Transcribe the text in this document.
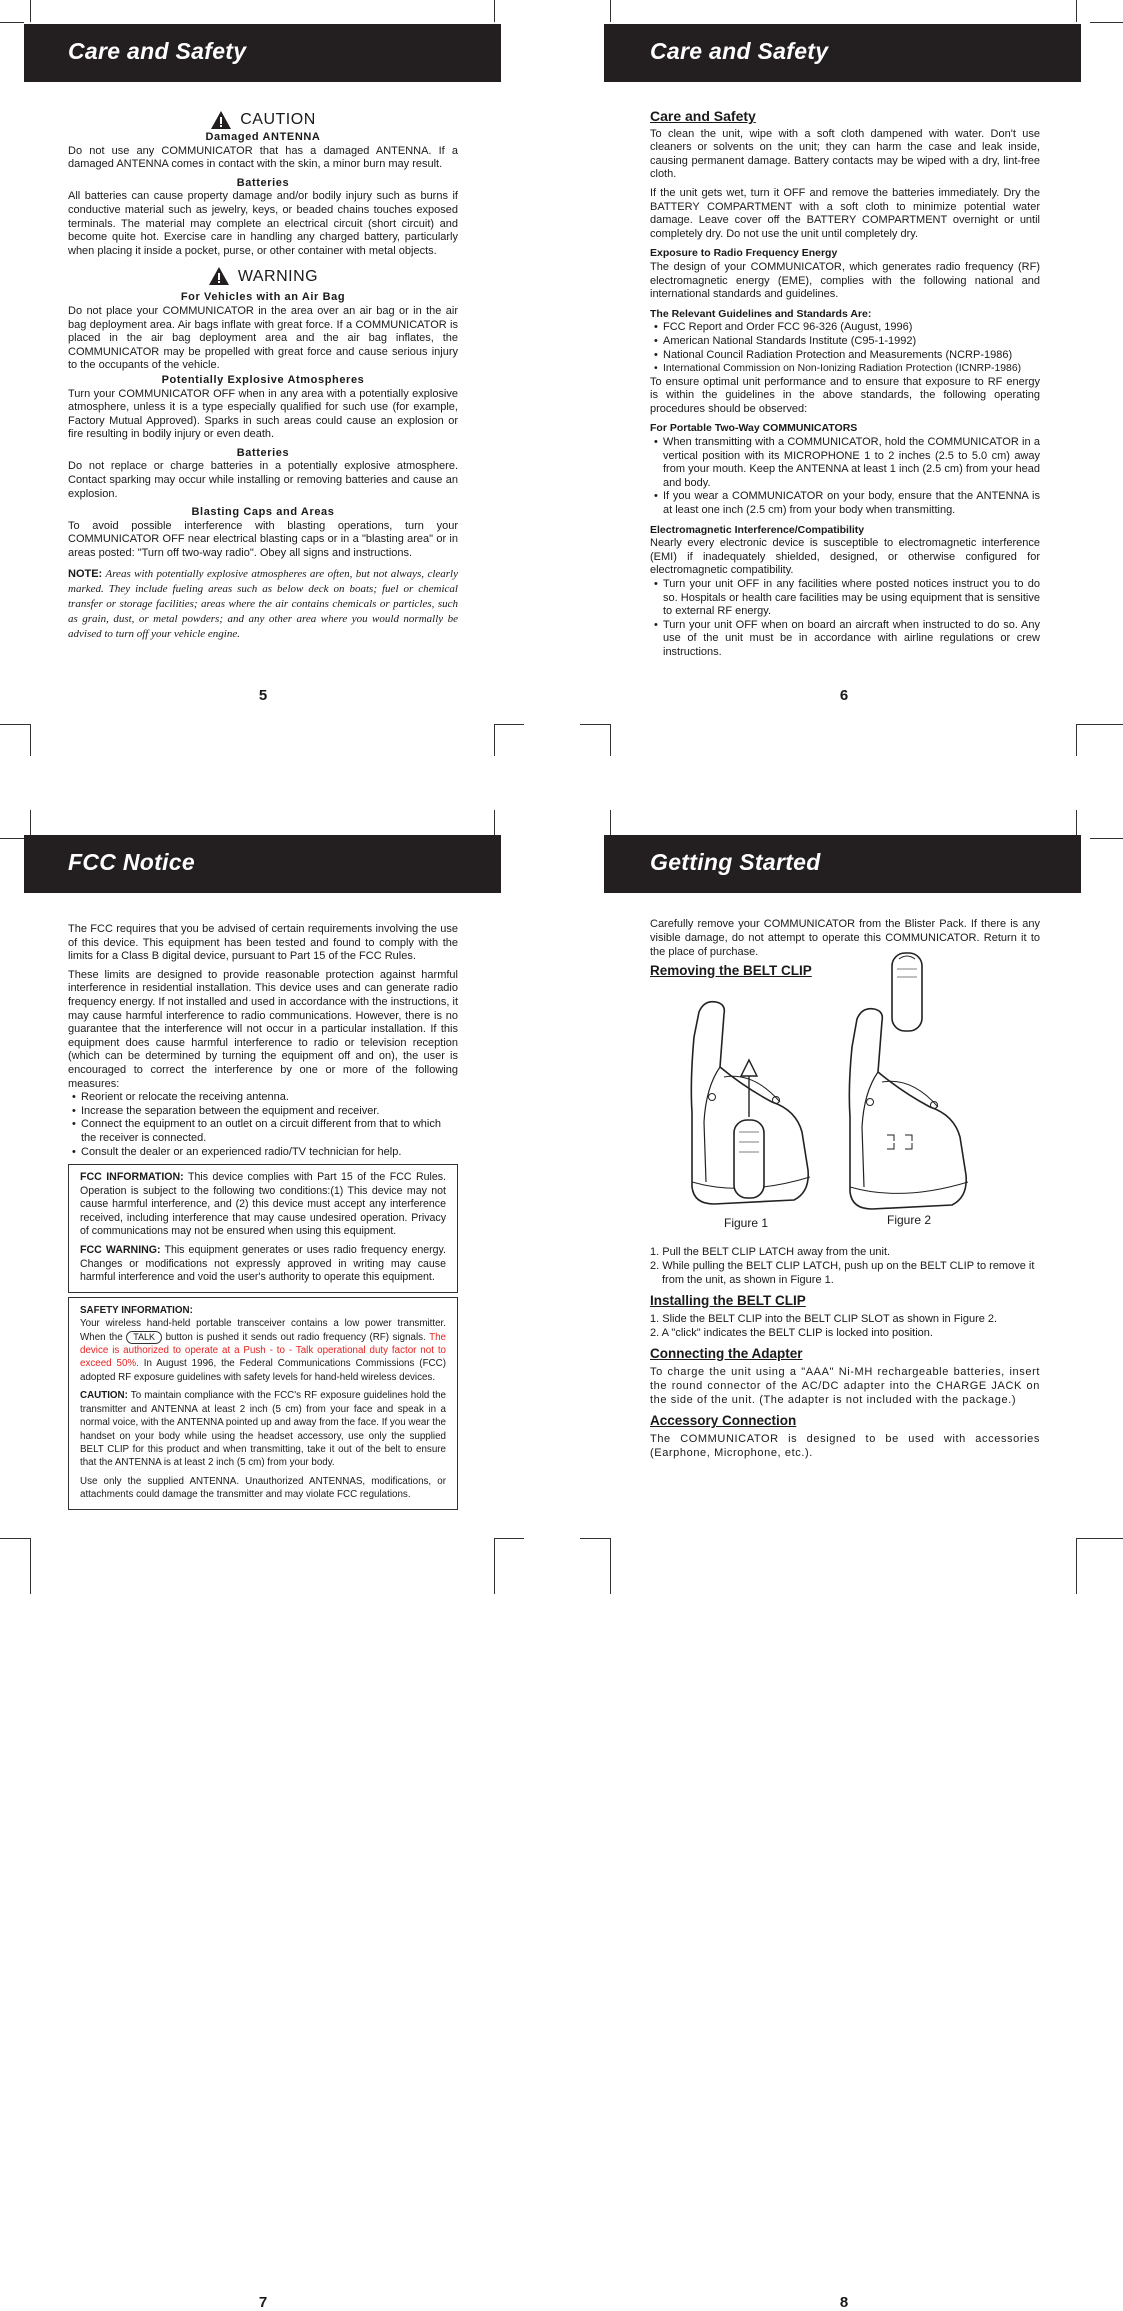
Care and Safety
CAUTION
Damaged ANTENNA

Do not use any COMMUNICATOR that has a damaged ANTENNA. If a damaged ANTENNA comes in contact with the skin, a minor burn may result.

Batteries

All batteries can cause property damage and/or bodily injury such as burns if conductive material such as jewelry, keys, or beaded chains touches exposed terminals. The material may complete an electrical circuit (short circuit) and become quite hot. Exercise care in handling any charged battery, particularly when placing it inside a pocket, purse, or other container with metal objects.

WARNING
For Vehicles with an Air Bag

Do not place your COMMUNICATOR in the area over an air bag or in the air bag deployment area. Air bags inflate with great force. If a COMMUNICATOR is placed in the air bag deployment area and the air bag inflates, the COMMUNICATOR may be propelled with great force and cause serious injury to the occupants of the vehicle.

Potentially Explosive Atmospheres

Turn your COMMUNICATOR OFF when in any area with a potentially explosive atmosphere, unless it is a type especially qualified for such use (for example, Factory Mutual Approved). Sparks in such areas could cause an explosion or fire resulting in bodily injury or even death.

Batteries

Do not replace or charge batteries in a potentially explosive atmosphere. Contact sparking may occur while installing or removing batteries and cause an explosion.

Blasting Caps and Areas

To avoid possible interference with blasting operations, turn your COMMUNICATOR OFF near electrical blasting caps or in a "blasting area" or in areas posted: "Turn off two-way radio". Obey all signs and instructions.

NOTE: Areas with potentially explosive atmospheres are often, but not always, clearly marked. They include fueling areas such as below deck on boats; fuel or chemical transfer or storage facilities; areas where the air contains chemicals or particles, such as grain, dust, or metal powders; and any other area where you would normally be advised to turn off your vehicle engine.

5
Care and Safety
Care and Safety

To clean the unit, wipe with a soft cloth dampened with water. Don't use cleaners or solvents on the unit; they can harm the case and leak inside, causing permanent damage. Battery contacts may be wiped with a dry, lint-free cloth.

If the unit gets wet, turn it OFF and remove the batteries immediately. Dry the BATTERY COMPARTMENT with a soft cloth to minimize potential water damage. Leave cover off the BATTERY COMPARTMENT overnight or until completely dry. Do not use the unit until completely dry.

Exposure to Radio Frequency Energy

The design of your COMMUNICATOR, which generates radio frequency (RF) electromagnetic energy (EME), complies with the following national and international standards and guidelines.

The Relevant Guidelines and Standards Are:
• FCC Report and Order FCC 96-326 (August, 1996)
• American National Standards Institute (C95-1-1992)
• National Council Radiation Protection and Measurements (NCRP-1986)
• International Commission on Non-Ionizing Radiation Protection (ICNRP-1986)

To ensure optimal unit performance and to ensure that exposure to RF energy is within the guidelines in the above standards, the following operating procedures should be observed:

For Portable Two-Way COMMUNICATORS
• When transmitting with a COMMUNICATOR, hold the COMMUNICATOR in a vertical position with its MICROPHONE 1 to 2 inches (2.5 to 5.0 cm) away from your mouth. Keep the ANTENNA at least 1 inch (2.5 cm) from your head and body.
• If you wear a COMMUNICATOR on your body, ensure that the ANTENNA is at least one inch (2.5 cm) from your body when transmitting.
Electromagnetic Interference/Compatibility

Nearly every electronic device is susceptible to electromagnetic interference (EMI) if inadequately shielded, designed, or otherwise configured for electromagnetic compatibility.

• Turn your unit OFF in any facilities where posted notices instruct you to do so. Hospitals or health care facilities may be using equipment that is sensitive to external RF energy.
• Turn your unit OFF when on board an aircraft when instructed to do so. Any use of the unit must be in accordance with airline regulations or crew instructions.
6
FCC Notice

The FCC requires that you be advised of certain requirements involving the use of this device. This equipment has been tested and found to comply with the limits for a Class B digital device, pursuant to Part 15 of the FCC Rules.

These limits are designed to provide reasonable protection against harmful interference in residential installation. This device uses and can generate radio frequency energy. If not installed and used in accordance with the instructions, it may cause harmful interference to radio communications. However, there is no guarantee that the interference will not occur in a particular installation. If this equipment does cause harmful interference to radio or television reception (which can be determined by turning the equipment off and on), the user is encouraged to correct the interference by one or more of the following measures:

• Reorient or relocate the receiving antenna.
• Increase the separation between the equipment and receiver.
• Connect the equipment to an outlet on a circuit different from that to which the receiver is connected.
• Consult the dealer or an experienced radio/TV technician for help.

FCC INFORMATION: This device complies with Part 15 of the FCC Rules. Operation is subject to the following two conditions:(1) This device may not cause harmful interference, and (2) this device must accept any interference received, including interference that may cause undesired operation. Privacy of communications may not be ensured when using this equipment.

FCC WARNING: This equipment generates or uses radio frequency energy. Changes or modifications not expressly approved in writing may cause harmful interference and void the user's authority to operate this equipment.

SAFETY INFORMATION:

Your wireless hand-held portable transceiver contains a low power transmitter. When the TALK button is pushed it sends out radio frequency (RF) signals. The device is authorized to operate at a Push - to - Talk operational duty factor not to exceed 50%. In August 1996, the Federal Communications Commissions (FCC) adopted RF exposure guidelines with safety levels for hand-held wireless devices.

CAUTION: To maintain compliance with the FCC's RF exposure guidelines hold the transmitter and ANTENNA at least 2 inch (5 cm) from your face and speak in a normal voice, with the ANTENNA pointed up and away from the face. If you wear the handset on your body while using the headset accessory, use only the supplied BELT CLIP for this product and when transmitting, take it out of the belt to ensure that the ANTENNA is at least 2 inch (5 cm) from your body.

Use only the supplied ANTENNA. Unauthorized ANTENNAS, modifications, or attachments could damage the transmitter and may violate FCC regulations.

7
Getting Started

Carefully remove your COMMUNICATOR from the Blister Pack. If there is any visible damage, do not attempt to operate this COMMUNICATOR. Return it to the place of purchase.

Removing the BELT CLIP
Figure 1	Figure 2
1. Pull the BELT CLIP LATCH away from the unit.
2. While pulling the BELT CLIP LATCH, push up on the BELT CLIP to remove it from the unit, as shown in Figure 1.
Installing the BELT CLIP
1. Slide the BELT CLIP into the BELT CLIP SLOT as shown in Figure 2.
2. A "click" indicates the BELT CLIP is locked into position.
Connecting the Adapter

To charge the unit using a "AAA" Ni-MH rechargeable batteries, insert the round connector of the AC/DC adapter into the CHARGE JACK on the side of the unit. (The adapter is not included with the package.)

Accessory Connection

The COMMUNICATOR is designed to be used with accessories (Earphone, Microphone, etc.).

8
